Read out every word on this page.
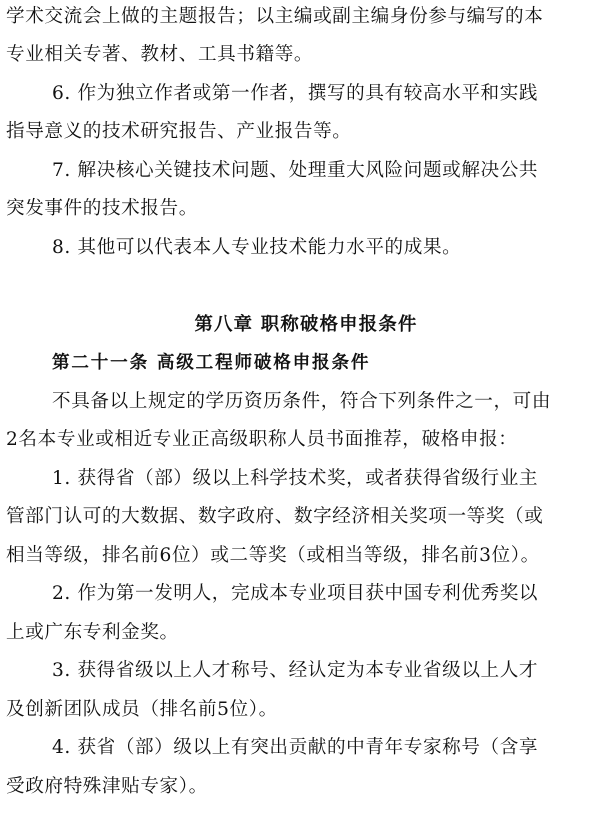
学术交流会上做的主题报告；以主编或副主编身份参与编写的本
专业相关专著、教材、工具书籍等。
6. 作为独立作者或第一作者，撰写的具有较高水平和实践
指导意义的技术研究报告、产业报告等。
7. 解决核心关键技术问题、处理重大风险问题或解决公共
突发事件的技术报告。
8. 其他可以代表本人专业技术能力水平的成果。
第八章 职称破格申报条件
第二十一条 高级工程师破格申报条件
不具备以上规定的学历资历条件，符合下列条件之一，可由
2名本专业或相近专业正高级职称人员书面推荐，破格申报：
1. 获得省（部）级以上科学技术奖，或者获得省级行业主
管部门认可的大数据、数字政府、数字经济相关奖项一等奖（或
相当等级，排名前6位）或二等奖（或相当等级，排名前3位）。
2. 作为第一发明人，完成本专业项目获中国专利优秀奖以
上或广东专利金奖。
3. 获得省级以上人才称号、经认定为本专业省级以上人才
及创新团队成员（排名前5位）。
4. 获省（部）级以上有突出贡献的中青年专家称号（含享
受政府特殊津贴专家）。
